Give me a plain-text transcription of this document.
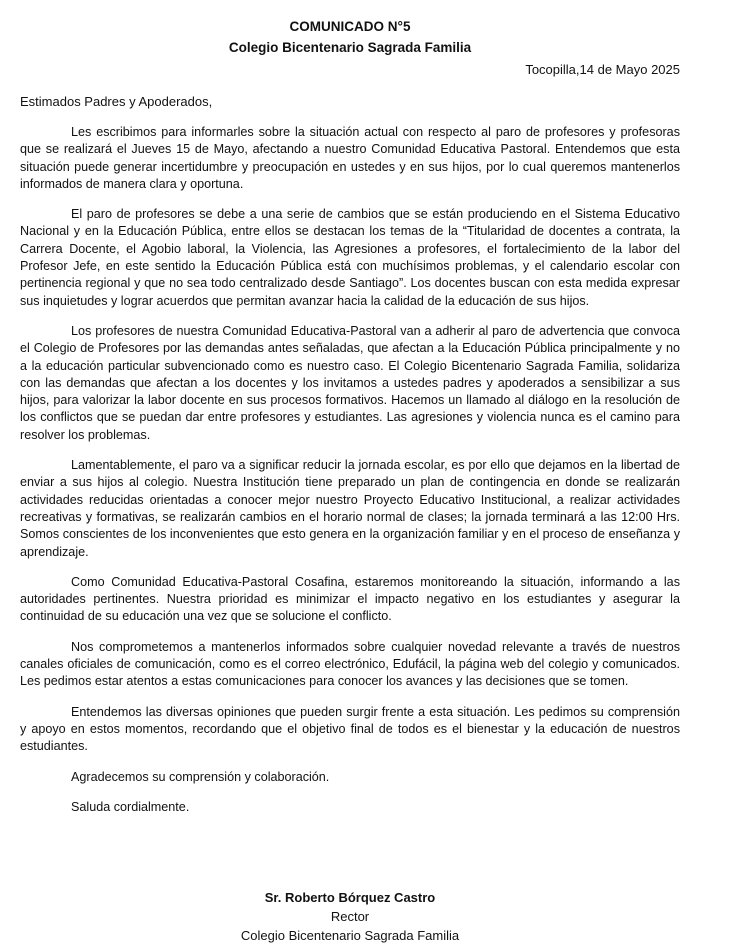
COMUNICADO N°5
Colegio Bicentenario Sagrada Familia
Tocopilla,14 de Mayo 2025
Estimados Padres y Apoderados,

Les escribimos para informarles sobre la situación actual con respecto al paro de profesores y profesoras que se realizará el Jueves 15 de Mayo, afectando a nuestro Comunidad Educativa Pastoral. Entendemos que esta situación puede generar incertidumbre y preocupación en ustedes y en sus hijos, por lo cual queremos mantenerlos informados de manera clara y oportuna.

El paro de profesores se debe a una serie de cambios que se están produciendo en el Sistema Educativo Nacional y en la Educación Pública, entre ellos se destacan los temas de la “Titularidad de docentes a contrata, la Carrera Docente, el Agobio laboral, la Violencia, las Agresiones a profesores, el fortalecimiento de la labor del Profesor Jefe, en este sentido la Educación Pública está con muchísimos problemas, y el calendario escolar con pertinencia regional y que no sea todo centralizado desde Santiago”. Los docentes buscan con esta medida expresar sus inquietudes y lograr acuerdos que permitan avanzar hacia la calidad de la educación de sus hijos.

Los profesores de nuestra Comunidad Educativa-Pastoral van a adherir al paro de advertencia que convoca el Colegio de Profesores por las demandas antes señaladas, que afectan a la Educación Pública principalmente y no a la educación particular subvencionado como es nuestro caso. El Colegio Bicentenario Sagrada Familia, solidariza con las demandas que afectan a los docentes y los invitamos a ustedes padres y apoderados a sensibilizar a sus hijos, para valorizar la labor docente en sus procesos formativos. Hacemos un llamado al diálogo en la resolución de los conflictos que se puedan dar entre profesores y estudiantes. Las agresiones y violencia nunca es el camino para resolver los problemas.

Lamentablemente, el paro va a significar reducir la jornada escolar, es por ello que dejamos en la libertad de enviar a sus hijos al colegio. Nuestra Institución tiene preparado un plan de contingencia en donde se realizarán actividades reducidas orientadas a conocer mejor nuestro Proyecto Educativo Institucional, a realizar actividades recreativas y formativas, se realizarán cambios en el horario normal de clases; la jornada terminará a las 12:00 Hrs. Somos conscientes de los inconvenientes que esto genera en la organización familiar y en el proceso de enseñanza y aprendizaje.

Como Comunidad Educativa-Pastoral Cosafina, estaremos monitoreando la situación, informando a las autoridades pertinentes. Nuestra prioridad es minimizar el impacto negativo en los estudiantes y asegurar la continuidad de su educación una vez que se solucione el conflicto.

Nos comprometemos a mantenerlos informados sobre cualquier novedad relevante a través de nuestros canales oficiales de comunicación, como es el correo electrónico, Edufácil, la página web del colegio y comunicados. Les pedimos estar atentos a estas comunicaciones para conocer los avances y las decisiones que se tomen.

Entendemos las diversas opiniones que pueden surgir frente a esta situación. Les pedimos su comprensión y apoyo en estos momentos, recordando que el objetivo final de todos es el bienestar y la educación de nuestros estudiantes.

Agradecemos su comprensión y colaboración.
Saluda cordialmente.
Sr. Roberto Bórquez Castro
Rector
Colegio Bicentenario Sagrada Familia
